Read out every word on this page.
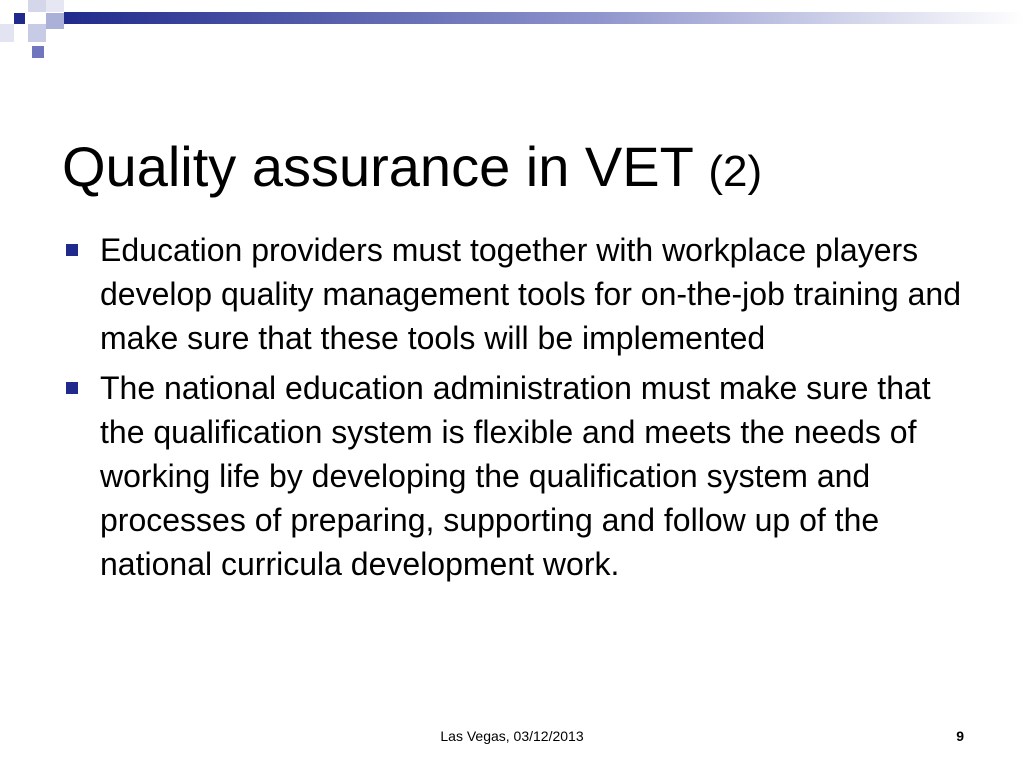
Quality assurance in VET (2)
Education providers must together with workplace players develop quality management tools for on-the-job training and make sure that these tools will be implemented
The national education administration must make sure that the qualification system is flexible and meets the needs of working life by developing the qualification system and processes of preparing, supporting and follow up of the national curricula development work.
Las Vegas, 03/12/2013	9
